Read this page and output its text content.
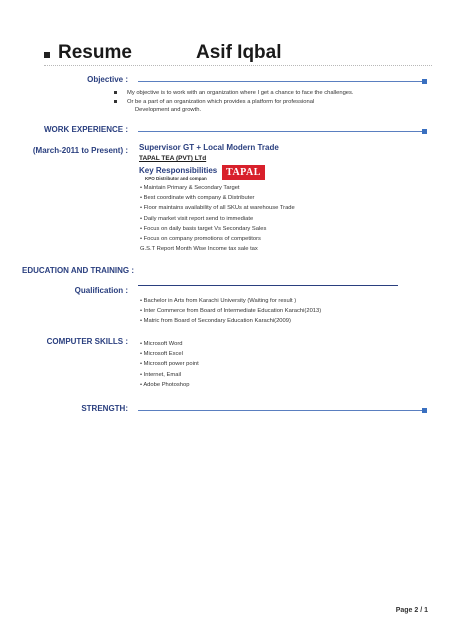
Resume	Asif Iqbal
Objective :
My objective is to work with an organization where I get a chance to face the challenges.
Or be a part of an organization which provides a platform for professional
Development and growth.
WORK EXPERIENCE :
(March-2011 to Present) : Supervisor GT + Local Modern Trade
TAPAL TEA (PVT) LTd
Key Responsibilities
KPO Distributor and compan
TAPAL
• Maintain Primary & Secondary Target
• Best coordinate with company & Distributer
• Floor maintains availability of all SKUs at warehouse Trade
• Daily market visit report send to immediate
• Focus on daily basis target Vs Secondary Sales
• Focus on company promotions of competitors
G.S.T Report Month Wise Income tax sale tax
EDUCATION AND TRAINING :
Qualification :
• Bachelor in Arts from Karachi University (Waiting for result )
• Inter Commerce from Board of Intermediate Education Karachi(2013)
• Matric from Board of Secondary Education Karachi(2009)
COMPUTER SKILLS : • Microsoft Word
• Microsoft Excel
• Microsoft power point
• Internet, Email
• Adobe Photoshop
STRENGTH:
Page 2 / 1
